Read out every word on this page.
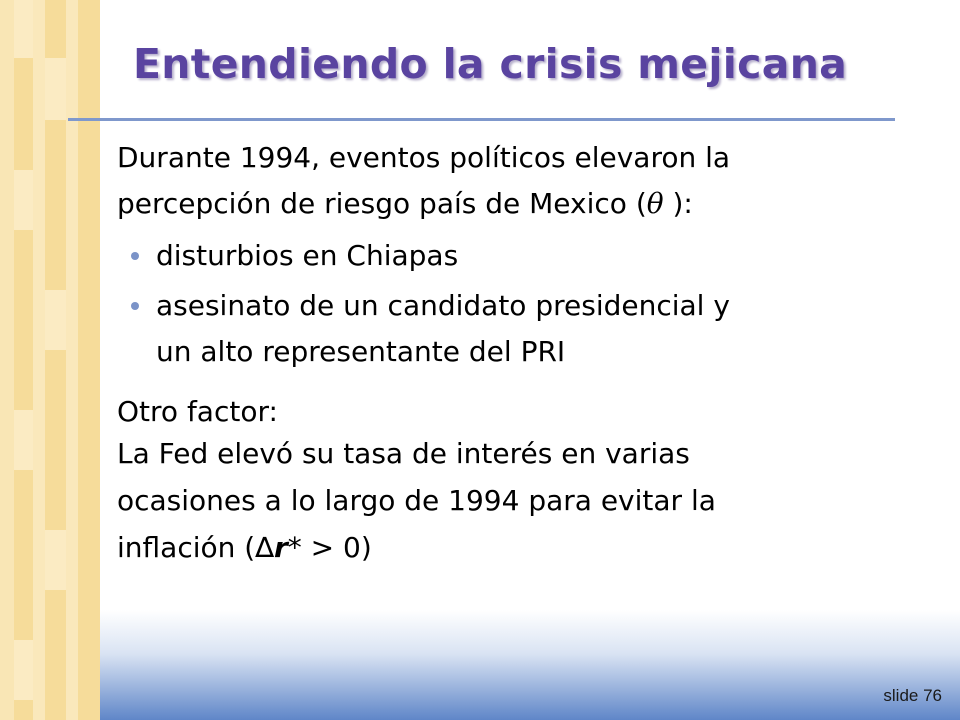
Entendiendo la crisis mejicana
Durante 1994, eventos políticos elevaron la
percepción de riesgo país de Mexico (θ ):
disturbios en Chiapas
asesinato de un candidato presidencial y
un alto representante del PRI
Otro factor:
La Fed elevó su tasa de interés en varias
ocasiones a lo largo de 1994 para evitar la
inflación (∆r* > 0)
slide 76
